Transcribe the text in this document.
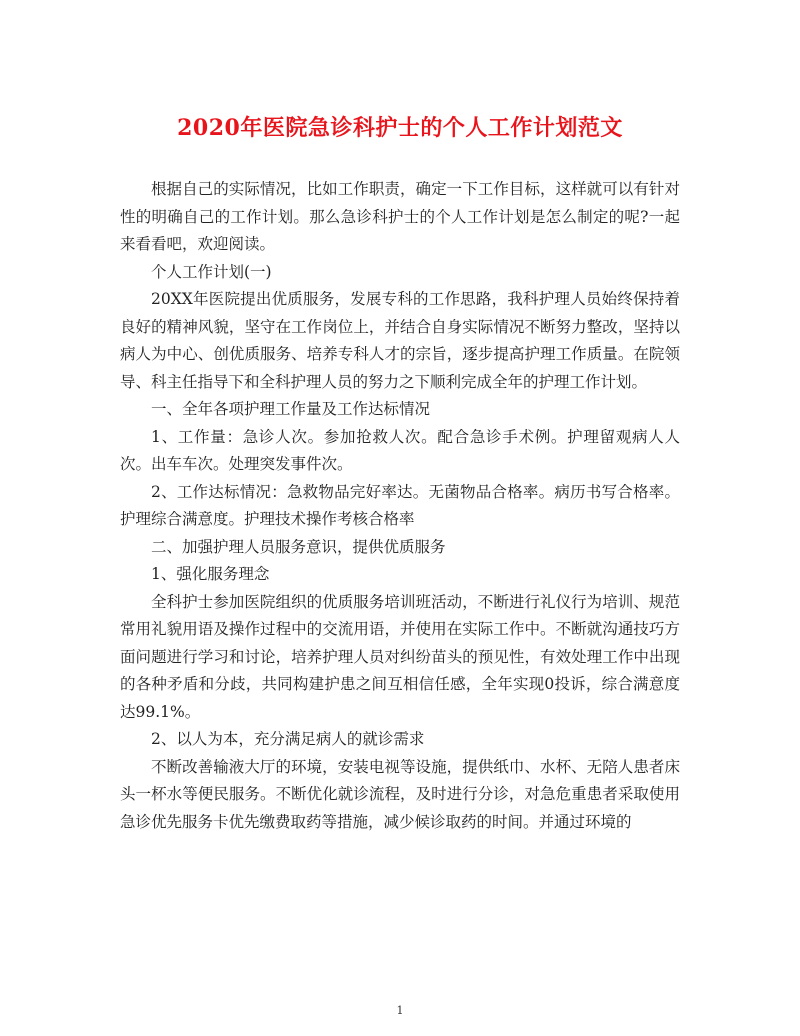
2020年医院急诊科护士的个人工作计划范文

根据自己的实际情况，比如工作职责，确定一下工作目标，这样就可以有针对性的明确自己的工作计划。那么急诊科护士的个人工作计划是怎么制定的呢?一起来看看吧，欢迎阅读。

个人工作计划(一)

20XX年医院提出优质服务，发展专科的工作思路，我科护理人员始终保持着良好的精神风貌，坚守在工作岗位上，并结合自身实际情况不断努力整改，坚持以病人为中心、创优质服务、培养专科人才的宗旨，逐步提高护理工作质量。在院领导、科主任指导下和全科护理人员的努力之下顺利完成全年的护理工作计划。

一、全年各项护理工作量及工作达标情况

1、工作量：急诊人次。参加抢救人次。配合急诊手术例。护理留观病人人次。出车车次。处理突发事件次。

2、工作达标情况：急救物品完好率达。无菌物品合格率。病历书写合格率。护理综合满意度。护理技术操作考核合格率

二、加强护理人员服务意识，提供优质服务

1、强化服务理念

全科护士参加医院组织的优质服务培训班活动，不断进行礼仪行为培训、规范常用礼貌用语及操作过程中的交流用语，并使用在实际工作中。不断就沟通技巧方面问题进行学习和讨论，培养护理人员对纠纷苗头的预见性，有效处理工作中出现的各种矛盾和分歧，共同构建护患之间互相信任感，全年实现0投诉，综合满意度达99.1%。

2、以人为本，充分满足病人的就诊需求

不断改善输液大厅的环境，安装电视等设施，提供纸巾、水杯、无陪人患者床头一杯水等便民服务。不断优化就诊流程，及时进行分诊，对急危重患者采取使用急诊优先服务卡优先缴费取药等措施，减少候诊取药的时间。并通过环境的

1
